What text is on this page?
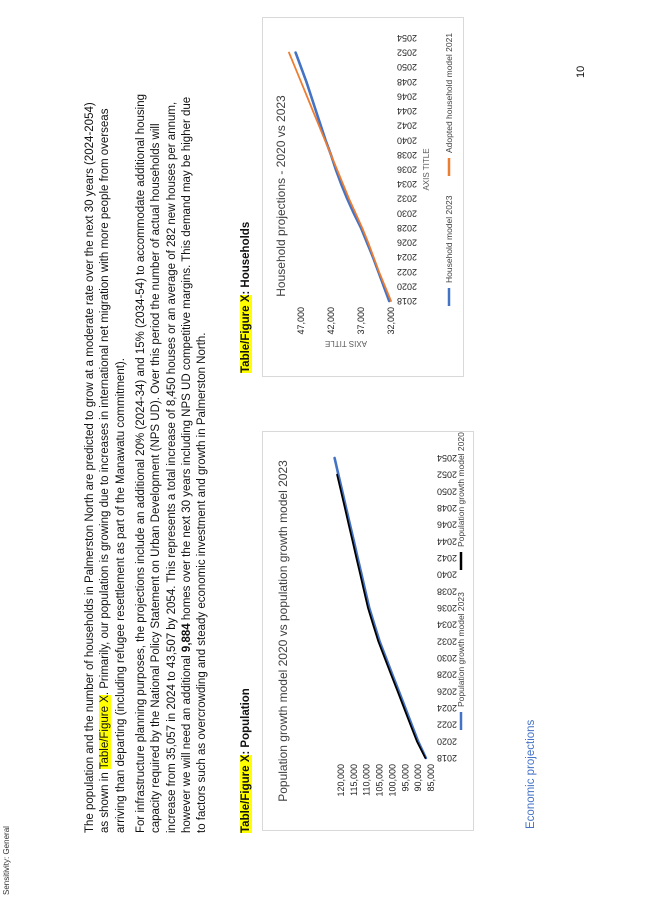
Sensitivity: General
The population and the number of households in Palmerston North are predicted to grow at a moderate rate over the next 30 years (2024-2054) as shown in Table/Figure X. Primarily, our population is growing due to increases in international net migration with more people from overseas arriving than departing (including refugee resettlement as part of the Manawatu commitment). For infrastructure planning purposes, the projections include an additional 20% (2024-34) and 15% (2034-54) to accommodate additional housing capacity required by the National Policy Statement on Urban Development (NPS UD). Over this period the number of actual households will increase from 35,057 in 2024 to 43,507 by 2054. This represents a total increase of 8,450 houses or an average of 282 new houses per annum, however we will need an additional 9,884 homes over the next 30 years including NPS UD competitive margins. This demand may be higher due to factors such as overcrowding and steady economic investment and growth in Palmerston North.	Table/Figure X: Population
Table/Figure X: Households
Population growth model 2020 vs population growth model 2023	85,000
90,000
95,000
100,000
105,000
110,000
115,000
120,000
2018
2020
2022
2024
2026
2028
2030
2032
2034
2036
2038
2040
2042
2044
2046
2048
2050
2052
2054
Population growth model 2023
Population growth model 2020
Household projections - 2020 vs 2023
32,000
37,000
42,000
47,000
2018
2020
2022
2024
2026
2028
2030
2032
2034
2036
2038
2040
2042
2044
2046
2048
2050
2052
2054
AXIS TITLE
AXIS TITLE
Household model 2023
Adopted household model 2021
Economic projections
10
